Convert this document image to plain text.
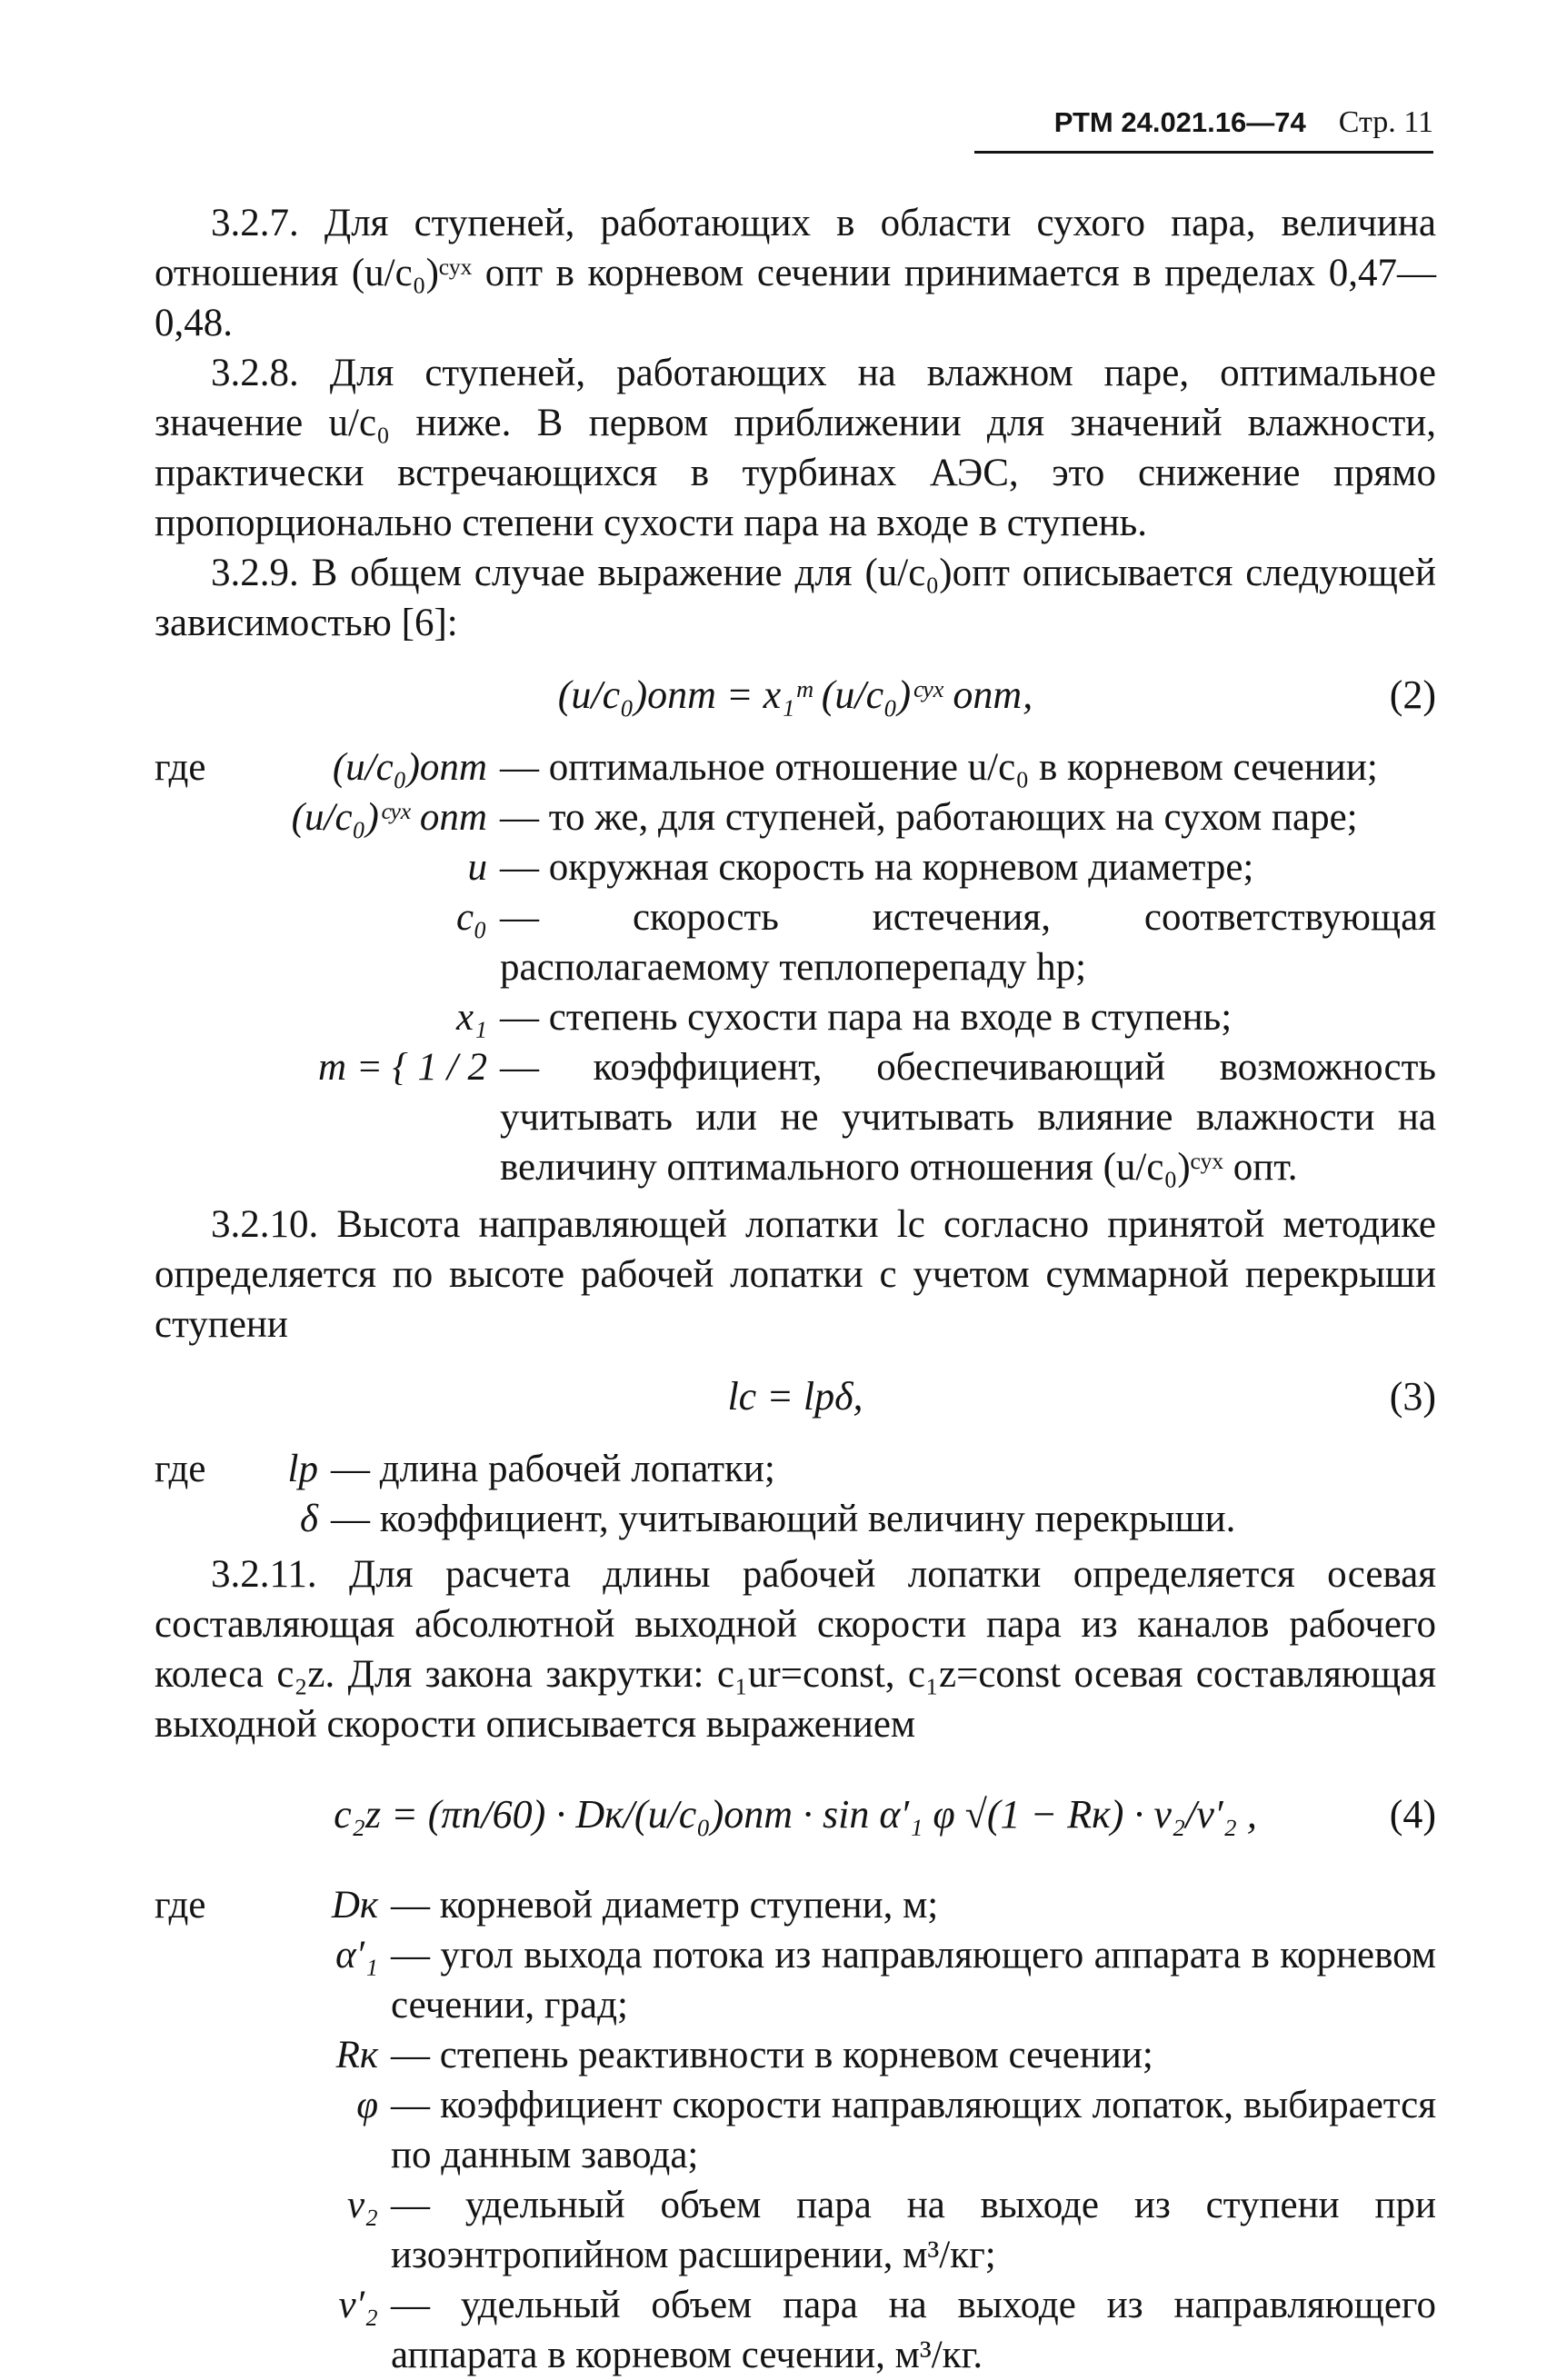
РТМ 24.021.16—74 Стр. 11

3.2.7. Для ступеней, работающих в области сухого пара, величина отношения (u/c₀)ᶜʸˣ опт в корневом сечении принимается в пределах 0,47—0,48.

3.2.8. Для ступеней, работающих на влажном паре, оптимальное значение u/c₀ ниже. В первом приближении для значений влажности, практически встречающихся в турбинах АЭС, это снижение прямо пропорционально степени сухости пара на входе в ступень.

3.2.9. В общем случае выражение для (u/c₀)опт описывается следующей зависимостью [6]:

(u/c₀)опт = x₁ᵐ (u/c₀)ᶜʸˣ опт,	(2)
где	(u/c₀)опт — оптимальное отношение u/c₀ в корневом сечении;
(u/c₀)ᶜʸˣ опт — то же, для ступеней, работающих на сухом паре;
u — окружная скорость на корневом диаметре;
c₀ — скорость истечения, соответствующая располагаемому теплоперепаду hр;
x₁ — степень сухости пара на входе в ступень;
m = { 1 / 2 — коэффициент, обеспечивающий возможность учитывать или не учитывать влияние влажности на величину оптимального отношения (u/c₀)ᶜʸˣ опт.

3.2.10. Высота направляющей лопатки lc согласно принятой методике определяется по высоте рабочей лопатки с учетом суммарной перекрыши ступени

lc = lрδ,	(3)
где	lр — длина рабочей лопатки;
δ — коэффициент, учитывающий величину перекрыши.

3.2.11. Для расчета длины рабочей лопатки определяется осевая составляющая абсолютной выходной скорости пара из каналов рабочего колеса c₂z. Для закона закрутки: c₁ur=const, c₁z=const осевая составляющая выходной скорости описывается выражением

c₂z = (πn/60) · Dк/(u/c₀)опт · sin α′₁ φ √(1 − Rк) · v₂/v′₂ ,	(4)
где	Dк — корневой диаметр ступени, м;
α′₁ — угол выхода потока из направляющего аппарата в корневом сечении, град;
Rк — степень реактивности в корневом сечении;
φ — коэффициент скорости направляющих лопаток, выбирается по данным завода;
v₂ — удельный объем пара на выходе из ступени при изоэнтропийном расширении, м³/кг;
v′₂ — удельный объем пара на выходе из направляющего аппарата в корневом сечении, м³/кг.
